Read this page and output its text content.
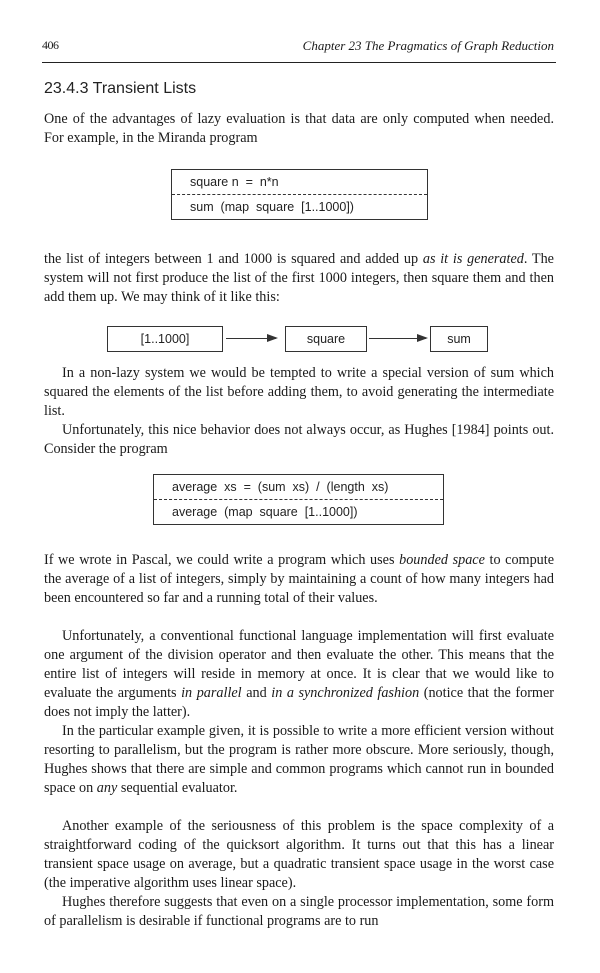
406	Chapter 23 The Pragmatics of Graph Reduction
23.4.3 Transient Lists

One of the advantages of lazy evaluation is that data are only computed when needed. For example, in the Miranda program

square n  =  n*n
sum  (map  square  [1..1000])

the list of integers between 1 and 1000 is squared and added up as it is generated. The system will not first produce the list of the first 1000 integers, then square them and then add them up. We may think of it like this:

[1..1000]	square	sum

In a non-lazy system we would be tempted to write a special version of sum which squared the elements of the list before adding them, to avoid generating the intermediate list.

Unfortunately, this nice behavior does not always occur, as Hughes [1984] points out. Consider the program

average  xs  =  (sum  xs)  /  (length  xs)
average  (map  square  [1..1000])

If we wrote in Pascal, we could write a program which uses bounded space to compute the average of a list of integers, simply by maintaining a count of how many integers had been encountered so far and a running total of their values.

Unfortunately, a conventional functional language implementation will first evaluate one argument of the division operator and then evaluate the other. This means that the entire list of integers will reside in memory at once. It is clear that we would like to evaluate the arguments in parallel and in a synchronized fashion (notice that the former does not imply the latter).

In the particular example given, it is possible to write a more efficient version without resorting to parallelism, but the program is rather more obscure. More seriously, though, Hughes shows that there are simple and common programs which cannot run in bounded space on any sequential evaluator.

Another example of the seriousness of this problem is the space complexity of a straightforward coding of the quicksort algorithm. It turns out that this has a linear transient space usage on average, but a quadratic transient space usage in the worst case (the imperative algorithm uses linear space).

Hughes therefore suggests that even on a single processor implementation, some form of parallelism is desirable if functional programs are to run
